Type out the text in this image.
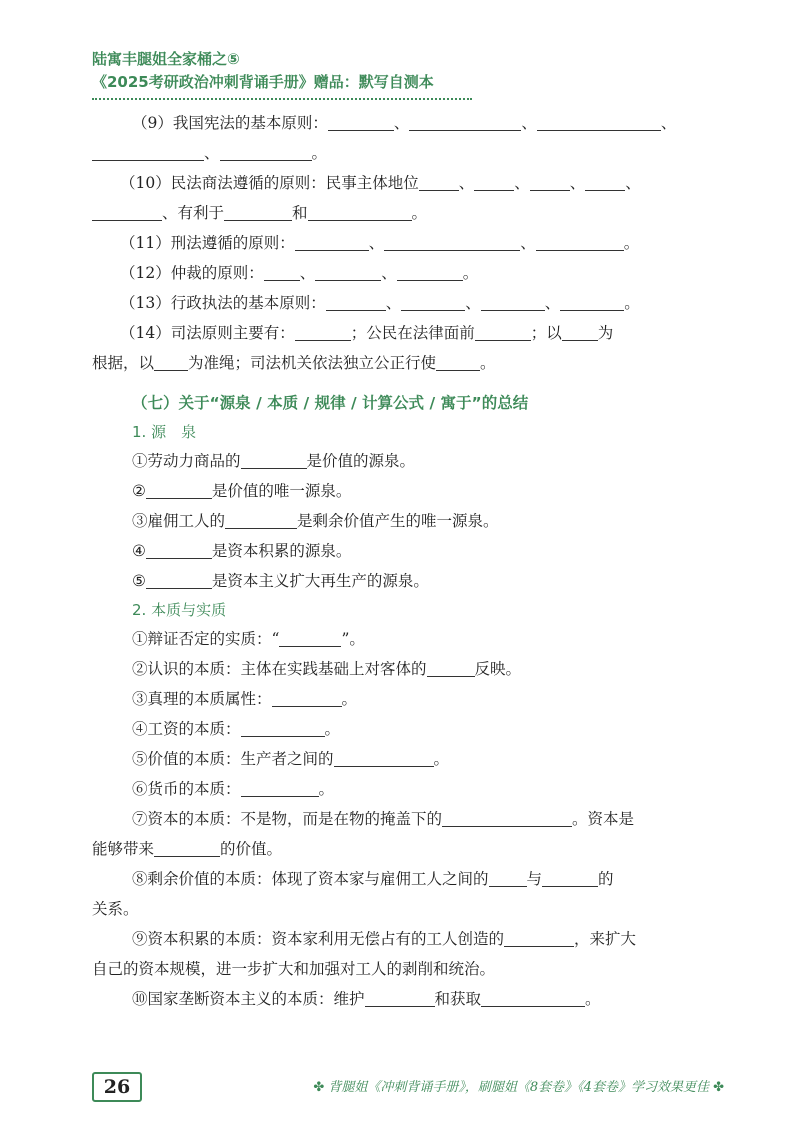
陆寓丰腿姐全家桶之⑤
《2025考研政治冲刺背诵手册》赠品：默写自测本
（9）我国宪法的基本原则：	、	、	、
、	。
（10）民法商法遵循的原则：民事主体地位	、	、	、	、
、有利于	和	。
（11）刑法遵循的原则：	、	、	。
（12）仲裁的原则： 、	、	。
（13）行政执法的基本原则：	、	、	、	。
（14）司法原则主要有：	；公民在法律面前	；以 为
根据，以 为准绳；司法机关依法独立公正行使	。
（七）关于“源泉 / 本质 / 规律 / 计算公式 / 寓于”的总结
1. 源　泉
①劳动力商品的	是价值的源泉。
②	是价值的唯一源泉。
③雇佣工人的	是剩余价值产生的唯一源泉。
④	是资本积累的源泉。
⑤	是资本主义扩大再生产的源泉。
2. 本质与实质
①辩证否定的实质：“	”。
②认识的本质：主体在实践基础上对客体的	反映。
③真理的本质属性：	。
④工资的本质：	。
⑤价值的本质：生产者之间的	。
⑥货币的本质：	。
⑦资本的本质：不是物，而是在物的掩盖下的	。资本是
能够带来	的价值。
⑧剩余价值的本质：体现了资本家与雇佣工人之间的 与	的
关系。
⑨资本积累的本质：资本家利用无偿占有的工人创造的	，来扩大
自己的资本规模，进一步扩大和加强对工人的剥削和统治。
⑩国家垄断资本主义的本质：维护	和获取	。
26	✤ 背腿姐《冲刺背诵手册》，刷腿姐《8套卷》《4套卷》学习效果更佳 ✤
